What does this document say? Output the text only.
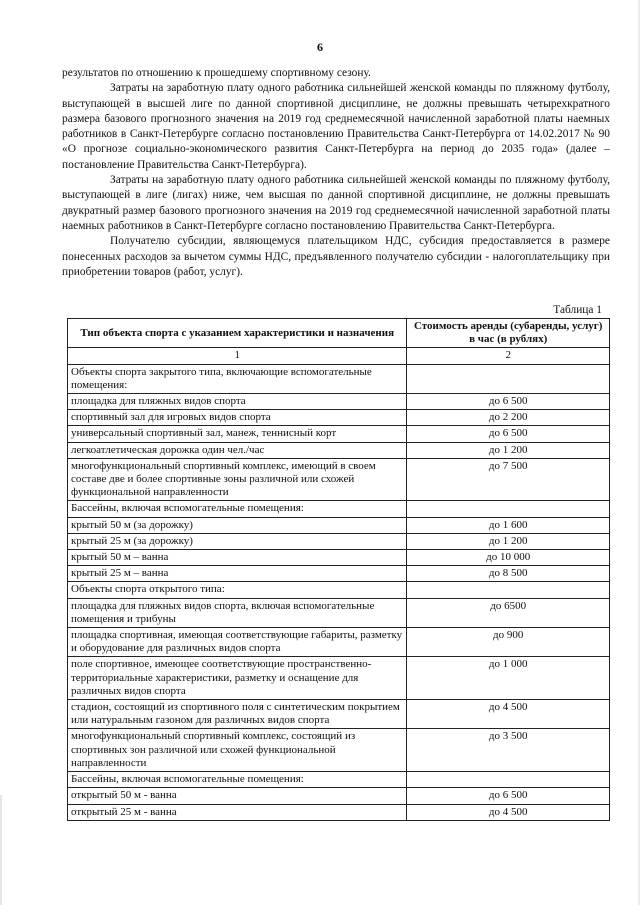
6

результатов по отношению к прошедшему спортивному сезону.

Затраты на заработную плату одного работника сильнейшей женской команды по пляжному футболу, выступающей в высшей лиге по данной спортивной дисциплине, не должны превышать четырехкратного размера базового прогнозного значения на 2019 год среднемесячной начисленной заработной платы наемных работников в Санкт-Петербурге согласно постановлению Правительства Санкт-Петербурга от 14.02.2017 № 90 «О прогнозе социально-экономического развития Санкт-Петербурга на период до 2035 года» (далее – постановление Правительства Санкт-Петербурга).

Затраты на заработную плату одного работника сильнейшей женской команды по пляжному футболу, выступающей в лиге (лигах) ниже, чем высшая по данной спортивной дисциплине, не должны превышать двукратный размер базового прогнозного значения на 2019 год среднемесячной начисленной заработной платы наемных работников в Санкт-Петербурге согласно постановлению Правительства Санкт-Петербурга.

Получателю субсидии, являющемуся плательщиком НДС, субсидия предоставляется в размере понесенных расходов за вычетом суммы НДС, предъявленного получателю субсидии - налогоплательщику при приобретении товаров (работ, услуг).

Таблица 1
Тип объекта спорта с указанием характеристики и назначения	Стоимость аренды (субаренды, услуг) в час (в рублях)
1	2
Объекты спорта закрытого типа, включающие вспомогательные помещения:	
площадка для пляжных видов спорта	до 6 500
спортивный зал для игровых видов спорта	до 2 200
универсальный спортивный зал, манеж, теннисный корт	до 6 500
легкоатлетическая дорожка один чел./час	до 1 200
многофункциональный спортивный комплекс, имеющий в своем составе две и более спортивные зоны различной или схожей функциональной направленности	до 7 500
Бассейны, включая вспомогательные помещения:	
крытый 50 м (за дорожку)	до 1 600
крытый 25 м (за дорожку)	до 1 200
крытый 50 м – ванна	до 10 000
крытый 25 м – ванна	до 8 500
Объекты спорта открытого типа:	
площадка для пляжных видов спорта, включая вспомогательные помещения и трибуны	до 6500
площадка спортивная, имеющая соответствующие габариты, разметку и оборудование для различных видов спорта	до 900
поле спортивное, имеющее соответствующие пространственно-территориальные характеристики, разметку и оснащение для различных видов спорта	до 1 000
стадион, состоящий из спортивного поля с синтетическим покрытием или натуральным газоном для различных видов спорта	до 4 500
многофункциональный спортивный комплекс, состоящий из спортивных зон различной или схожей функциональной направленности	до 3 500
Бассейны, включая вспомогательные помещения:	
открытый 50 м - ванна	до 6 500
открытый 25 м - ванна	до 4 500
